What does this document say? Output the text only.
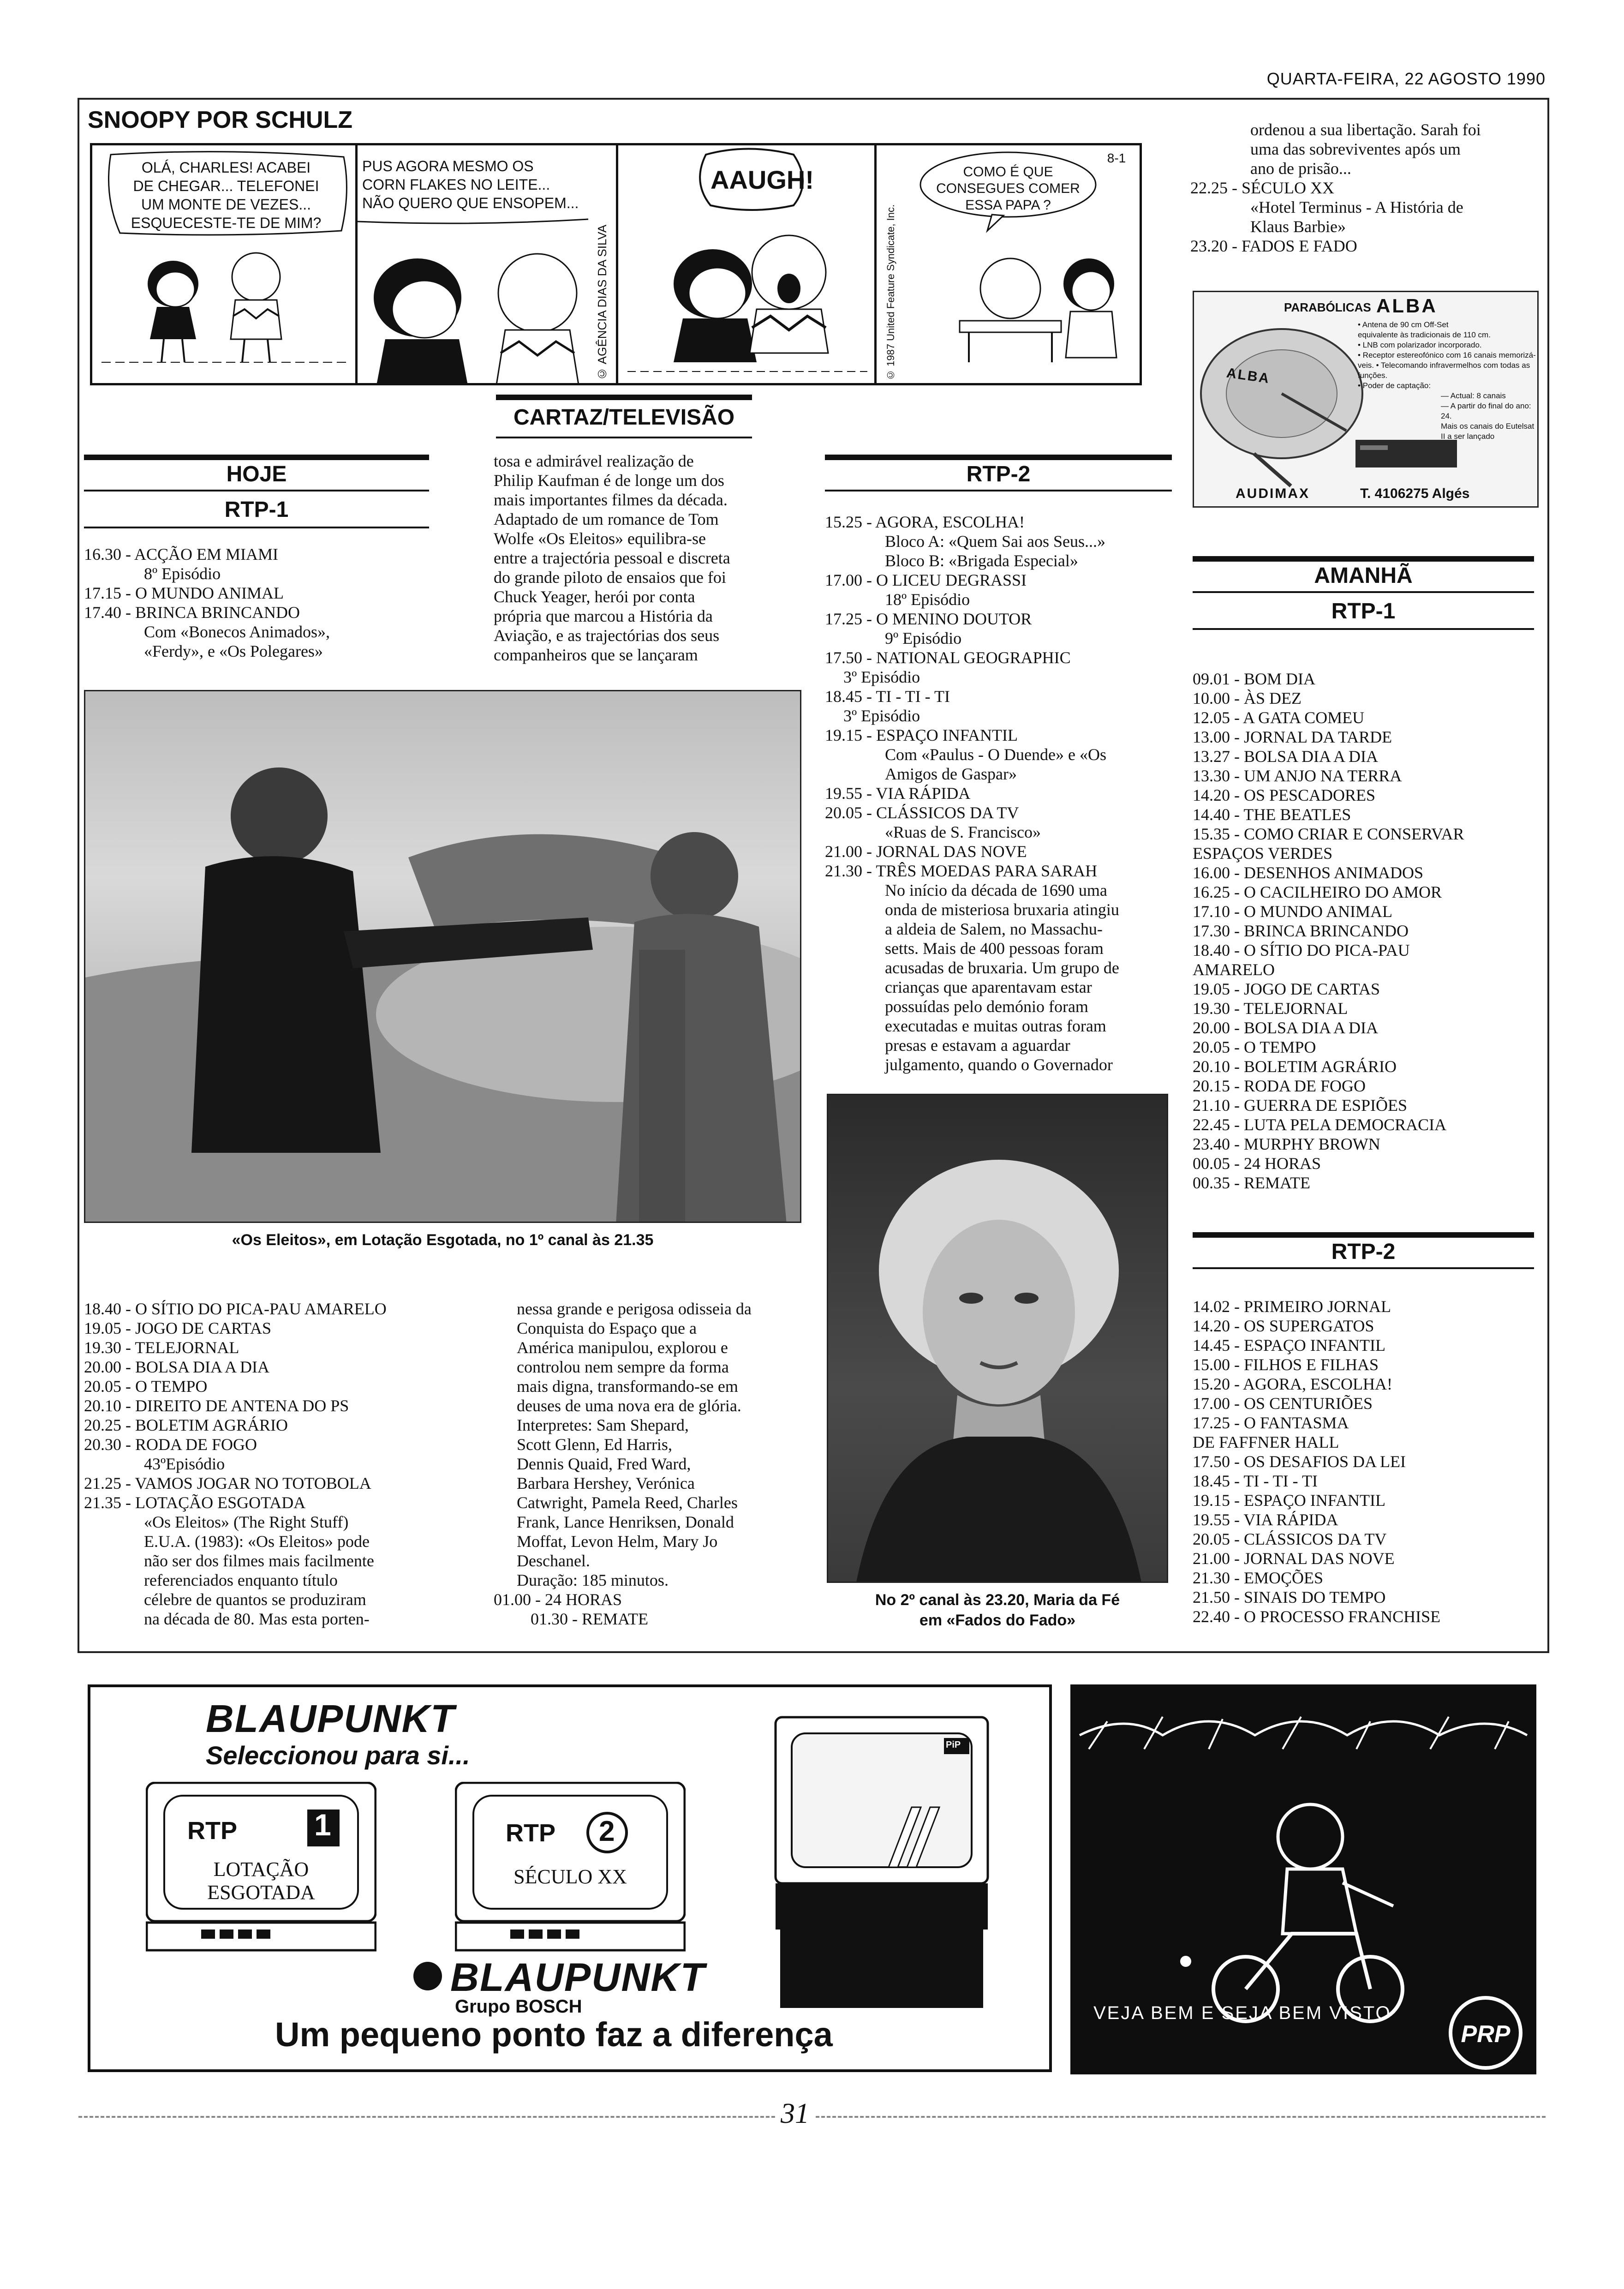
QUARTA-FEIRA, 22 AGOSTO 1990
SNOOPY POR SCHULZ
OLÁ, CHARLES! ACABEI
DE CHEGAR... TELEFONEI
UM MONTE DE VEZES...
ESQUECESTE-TE DE MIM?
PUS AGORA MESMO OS
CORN FLAKES NO LEITE...
NÃO QUERO QUE ENSOPEM...
© AGÊNCIA DIAS DA SILVA
AAUGH!	COMO É QUE
CONSEGUES COMER
ESSA PAPA ?
8-1
© 1987 United Feature Syndicate, Inc.
CARTAZ/TELEVISÃO
HOJE
RTP-1
16.30 - ACÇÃO EM MIAMI
8º Episódio
17.15 - O MUNDO ANIMAL
17.40 - BRINCA BRINCANDO
Com «Bonecos Animados»,
«Ferdy», e «Os Polegares»
tosa e admirável realização de
Philip Kaufman é de longe um dos
mais importantes filmes da década.
Adaptado de um romance de Tom
Wolfe «Os Eleitos» equilibra-se
entre a trajectória pessoal e discreta
do grande piloto de ensaios que foi
Chuck Yeager, herói por conta
própria que marcou a História da
Aviação, e as trajectórias dos seus
companheiros que se lançaram
«Os Eleitos», em Lotação Esgotada, no 1º canal às 21.35
18.40 - O SÍTIO DO PICA-PAU AMARELO
19.05 - JOGO DE CARTAS
19.30 - TELEJORNAL
20.00 - BOLSA DIA A DIA
20.05 - O TEMPO
20.10 - DIREITO DE ANTENA DO PS
20.25 - BOLETIM AGRÁRIO
20.30 - RODA DE FOGO
43ºEpisódio
21.25 - VAMOS JOGAR NO TOTOBOLA
21.35 - LOTAÇÃO ESGOTADA
«Os Eleitos» (The Right Stuff)
E.U.A. (1983): «Os Eleitos» pode
não ser dos filmes mais facilmente
referenciados enquanto título
célebre de quantos se produziram
na década de 80. Mas esta porten-
nessa grande e perigosa odisseia da
Conquista do Espaço que a
América manipulou, explorou e
controlou nem sempre da forma
mais digna, transformando-se em
deuses de uma nova era de glória.
Interpretes: Sam Shepard,
Scott Glenn, Ed Harris,
Dennis Quaid, Fred Ward,
Barbara Hershey, Verónica
Catwright, Pamela Reed, Charles
Frank, Lance Henriksen, Donald
Moffat, Levon Helm, Mary Jo
Deschanel.
Duração: 185 minutos.
01.00 - 24 HORAS
01.30 - REMATE
RTP-2
15.25 - AGORA, ESCOLHA!
Bloco A: «Quem Sai aos Seus...»
Bloco B: «Brigada Especial»
17.00 - O LICEU DEGRASSI
18º Episódio
17.25 - O MENINO DOUTOR
9º Episódio
17.50 - NATIONAL GEOGRAPHIC
3º Episódio
18.45 - TI - TI - TI
3º Episódio
19.15 - ESPAÇO INFANTIL
Com «Paulus - O Duende» e «Os
Amigos de Gaspar»
19.55 - VIA RÁPIDA
20.05 - CLÁSSICOS DA TV
«Ruas de S. Francisco»
21.00 - JORNAL DAS NOVE
21.30 - TRÊS MOEDAS PARA SARAH
No início da década de 1690 uma
onda de misteriosa bruxaria atingiu
a aldeia de Salem, no Massachu-
setts. Mais de 400 pessoas foram
acusadas de bruxaria. Um grupo de
crianças que aparentavam estar
possuídas pelo demónio foram
executadas e muitas outras foram
presas e estavam a aguardar
julgamento, quando o Governador
No 2º canal às 23.20, Maria da Fé
em «Fados do Fado»
ordenou a sua libertação. Sarah foi
uma das sobreviventes após um
ano de prisão...
22.25 - SÉCULO XX
«Hotel Terminus - A História de
Klaus Barbie»
23.20 - FADOS E FADO
PARABÓLICAS ALBA
ALBA
• Antena de 90 cm Off-Set
equivalente às tradicionais de 110 cm.
• LNB com polarizador incorporado.
• Receptor estereofónico com 16 canais memorizá-
veis. • Telecomando infravermelhos com todas as
funções.
• Poder de captação:
— Actual: 8 canais
— A partir do final do ano:
24.
Mais os canais do Eutelsat
II a ser lançado
AUDIMAX	T. 4106275 Algés
AMANHÃ
RTP-1
09.01 - BOM DIA
10.00 - ÀS DEZ
12.05 - A GATA COMEU
13.00 - JORNAL DA TARDE
13.27 - BOLSA DIA A DIA
13.30 - UM ANJO NA TERRA
14.20 - OS PESCADORES
14.40 - THE BEATLES
15.35 - COMO CRIAR E CONSERVAR
ESPAÇOS VERDES
16.00 - DESENHOS ANIMADOS
16.25 - O CACILHEIRO DO AMOR
17.10 - O MUNDO ANIMAL
17.30 - BRINCA BRINCANDO
18.40 - O SÍTIO DO PICA-PAU
AMARELO
19.05 - JOGO DE CARTAS
19.30 - TELEJORNAL
20.00 - BOLSA DIA A DIA
20.05 - O TEMPO
20.10 - BOLETIM AGRÁRIO
20.15 - RODA DE FOGO
21.10 - GUERRA DE ESPIÕES
22.45 - LUTA PELA DEMOCRACIA
23.40 - MURPHY BROWN
00.05 - 24 HORAS
00.35 - REMATE
RTP-2
14.02 - PRIMEIRO JORNAL
14.20 - OS SUPERGATOS
14.45 - ESPAÇO INFANTIL
15.00 - FILHOS E FILHAS
15.20 - AGORA, ESCOLHA!
17.00 - OS CENTURIÕES
17.25 - O FANTASMA
DE FAFFNER HALL
17.50 - OS DESAFIOS DA LEI
18.45 - TI - TI - TI
19.15 - ESPAÇO INFANTIL
19.55 - VIA RÁPIDA
20.05 - CLÁSSICOS DA TV
21.00 - JORNAL DAS NOVE
21.30 - EMOÇÕES
21.50 - SINAIS DO TEMPO
22.40 - O PROCESSO FRANCHISE
BLAUPUNKT
Seleccionou para si...
RTP	1
LOTAÇÃO
ESGOTADA
RTP 2
SÉCULO XX
PiP
BLAUPUNKT
Grupo BOSCH
Um pequeno ponto faz a diferença
VEJA BEM E SEJA BEM VISTO
PRP
31
